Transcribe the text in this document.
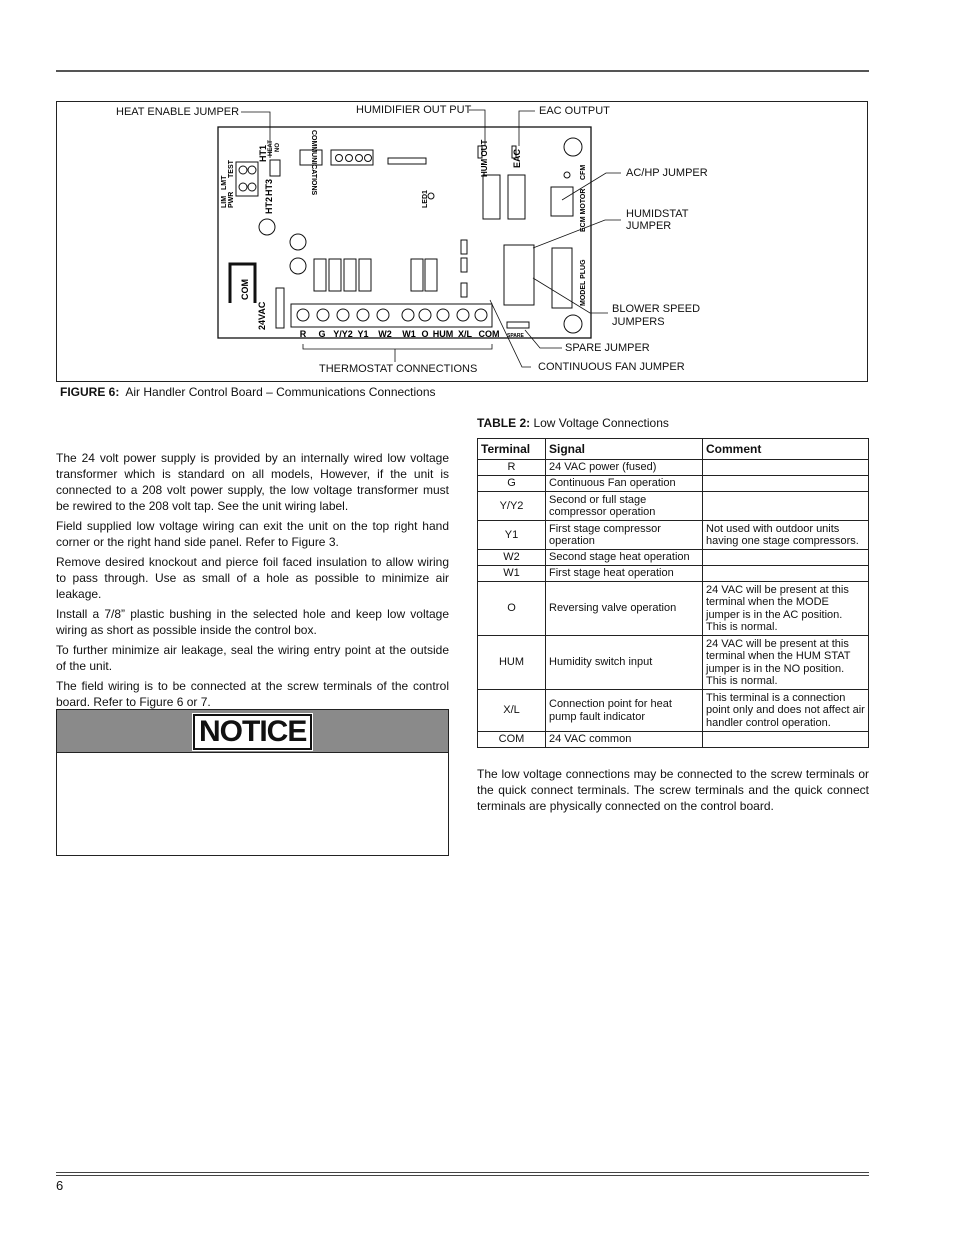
COM
24VAC
HT1
HT2
HT3
HEAT NO
LIM
LMT
PWR
TEST	COMMUNICATIONS	HUM OUT	EAC
LED1	ECM MOTOR
CFM
MODEL PLUG
SPARE
R G Y/Y2 Y1 W2 W1 O HUM X/L COM
HEAT ENABLE JUMPER	HUMIDIFIER OUT PUT	EAC OUTPUT
AC/HP JUMPER
HUMIDSTAT
JUMPER
BLOWER SPEED
JUMPERS
SPARE JUMPER
THERMOSTAT CONNECTIONS	CONTINUOUS FAN JUMPER
FIGURE 6: Air Handler Control Board – Communications Connections

The 24 volt power supply is provided by an internally wired low voltage transformer which is standard on all models, However, if the unit is connected to a 208 volt power supply, the low voltage transformer must be rewired to the 208 volt tap. See the unit wiring label.

Field supplied low voltage wiring can exit the unit on the top right hand corner or the right hand side panel. Refer to Figure 3.

Remove desired knockout and pierce foil faced insulation to allow wiring to pass through. Use as small of a hole as possible to minimize air leakage.

Install a 7/8” plastic bushing in the selected hole and keep low voltage wiring as short as possible inside the control box.

To further minimize air leakage, seal the wiring entry point at the outside of the unit.

The field wiring is to be connected at the screw terminals of the control board. Refer to Figure 6 or 7.

NOTICE
TABLE 2: Low Voltage Connections
Terminal	Signal	Comment
R	24 VAC power (fused)	
G	Continuous Fan operation	
Y/Y2	Second or full stage compressor operation	
Y1	First stage compressor operation	Not used with outdoor units having one stage compressors.
W2	Second stage heat operation	
W1	First stage heat operation	
O	Reversing valve operation	24 VAC will be present at this terminal when the MODE jumper is in the AC position. This is normal.
HUM	Humidity switch input	24 VAC will be present at this terminal when the HUM STAT jumper is in the NO position. This is normal.
X/L	Connection point for heat pump fault indicator	This terminal is a connection point only and does not affect air handler control operation.
COM	24 VAC common	

The low voltage connections may be connected to the screw terminals or the quick connect terminals. The screw terminals and the quick connect terminals are physically connected on the control board.

6
